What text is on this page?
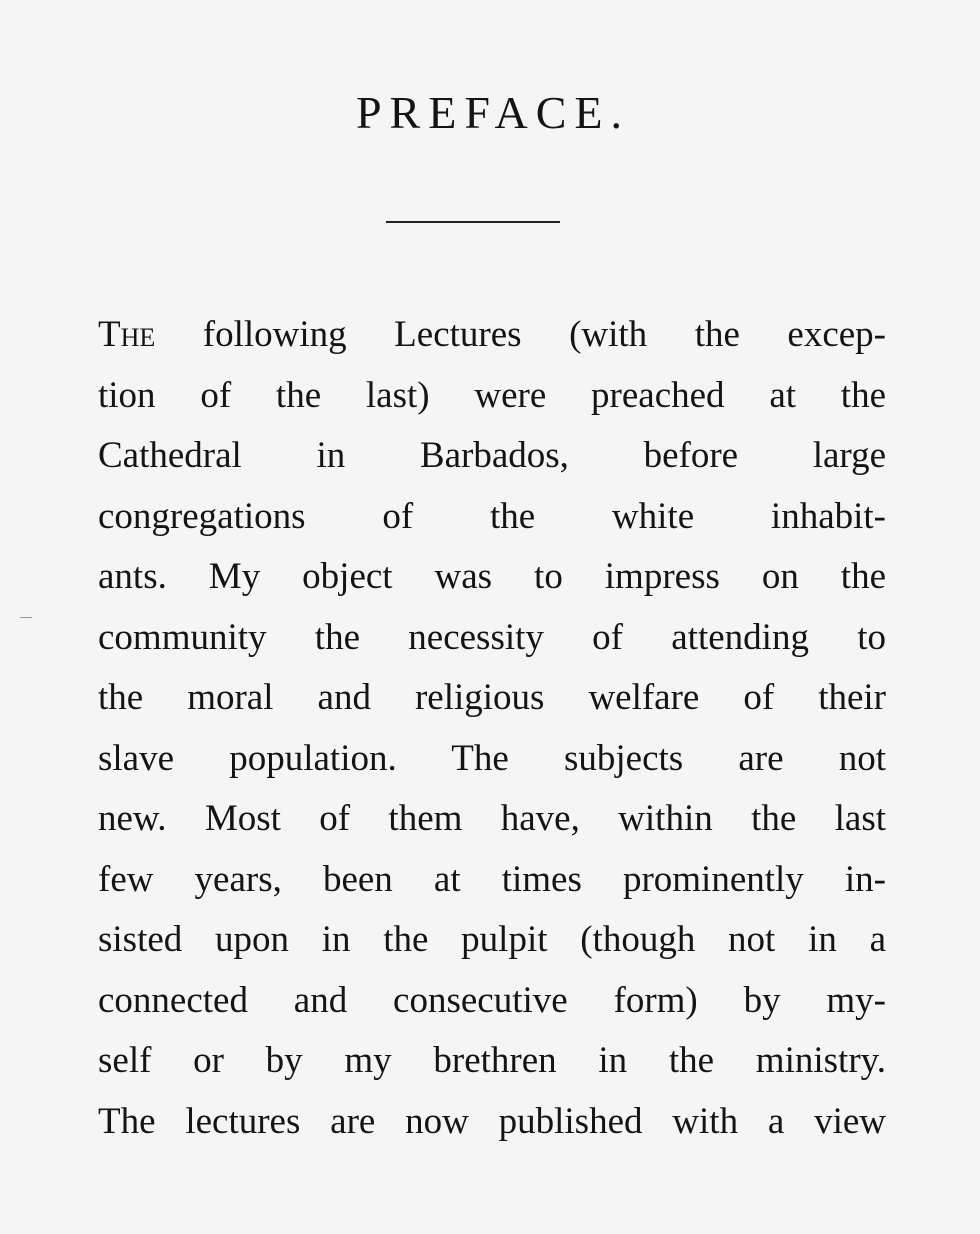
PREFACE.
The following Lectures (with the excep-
tion of the last) were preached at the
Cathedral in Barbados, before large
congregations of the white inhabit-
ants. My object was to impress on the
community the necessity of attending to
the moral and religious welfare of their
slave population. The subjects are not
new. Most of them have, within the last
few years, been at times prominently in-
sisted upon in the pulpit (though not in a
connected and consecutive form) by my-
self or by my brethren in the ministry.
The lectures are now published with a view
